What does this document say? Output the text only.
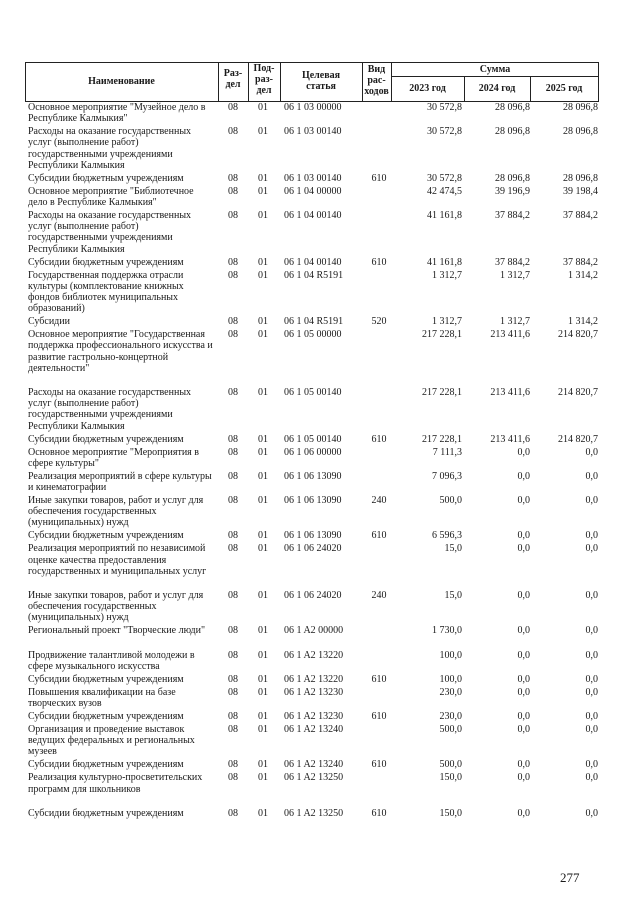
Наименование
Раз-
дел
Под-
раз-
дел
Целевая
статья
Вид
рас-
ходов
Сумма
2023 год	2024 год	2025 год
Основное мероприятие "Музейное дело в Республике Калмыкия"
08	01	06 1 03 00000	30 572,8	28 096,8	28 096,8
Расходы на оказание государственных услуг (выполнение работ) государственными учреждениями Республики Калмыкия
08	01	06 1 03 00140	30 572,8	28 096,8	28 096,8
Субсидии бюджетным учреждениям	08	01	06 1 03 00140	610	30 572,8	28 096,8	28 096,8
Основное мероприятие "Библиотечное дело в Республике Калмыкия"
08	01	06 1 04 00000	42 474,5	39 196,9	39 198,4
Расходы на оказание государственных услуг (выполнение работ) государственными учреждениями Республики Калмыкия
08	01	06 1 04 00140	41 161,8	37 884,2	37 884,2
Субсидии бюджетным учреждениям	08	01	06 1 04 00140	610	41 161,8	37 884,2	37 884,2
Государственная поддержка отрасли культуры (комплектование книжных фондов библиотек муниципальных образований)
08	01	06 1 04 R5191	1 312,7	1 312,7	1 314,2
Субсидии	08	01	06 1 04 R5191	520	1 312,7	1 312,7	1 314,2
Основное мероприятие "Государственная поддержка профессионального искусства и развитие гастрольно-концертной деятельности"
08	01	06 1 05 00000	217 228,1	213 411,6	214 820,7
Расходы на оказание государственных услуг (выполнение работ) государственными учреждениями Республики Калмыкия
08	01	06 1 05 00140	217 228,1	213 411,6	214 820,7
Субсидии бюджетным учреждениям	08	01	06 1 05 00140	610	217 228,1	213 411,6	214 820,7
Основное мероприятие "Мероприятия в сфере культуры"
08	01	06 1 06 00000	7 111,3	0,0	0,0
Реализация мероприятий в сфере культуры и кинематографии
08	01	06 1 06 13090	7 096,3	0,0	0,0
Иные закупки товаров, работ и услуг для обеспечения государственных (муниципальных) нужд
08	01	06 1 06 13090	240	500,0	0,0	0,0
Субсидии бюджетным учреждениям	08	01	06 1 06 13090	610	6 596,3	0,0	0,0
Реализация мероприятий по независимой оценке качества предоставления государственных и муниципальных услуг
08	01	06 1 06 24020	15,0	0,0	0,0
Иные закупки товаров, работ и услуг для обеспечения государственных (муниципальных) нужд
08	01	06 1 06 24020	240	15,0	0,0	0,0
Региональный проект "Творческие люди"	08	01	06 1 A2 00000	1 730,0	0,0	0,0
Продвижение талантливой молодежи в сфере музыкального искусства
08	01	06 1 A2 13220	100,0	0,0	0,0
Субсидии бюджетным учреждениям	08	01	06 1 A2 13220	610	100,0	0,0	0,0
Повышения квалификации на базе творческих вузов
08	01	06 1 A2 13230	230,0	0,0	0,0
Субсидии бюджетным учреждениям	08	01	06 1 A2 13230	610	230,0	0,0	0,0
Организация и проведение выставок ведущих федеральных и региональных музеев
08	01	06 1 A2 13240	500,0	0,0	0,0
Субсидии бюджетным учреждениям	08	01	06 1 A2 13240	610	500,0	0,0	0,0
Реализация культурно-просветительских программ для школьников
08	01	06 1 A2 13250	150,0	0,0	0,0
Субсидии бюджетным учреждениям	08	01	06 1 A2 13250	610	150,0	0,0	0,0
277
